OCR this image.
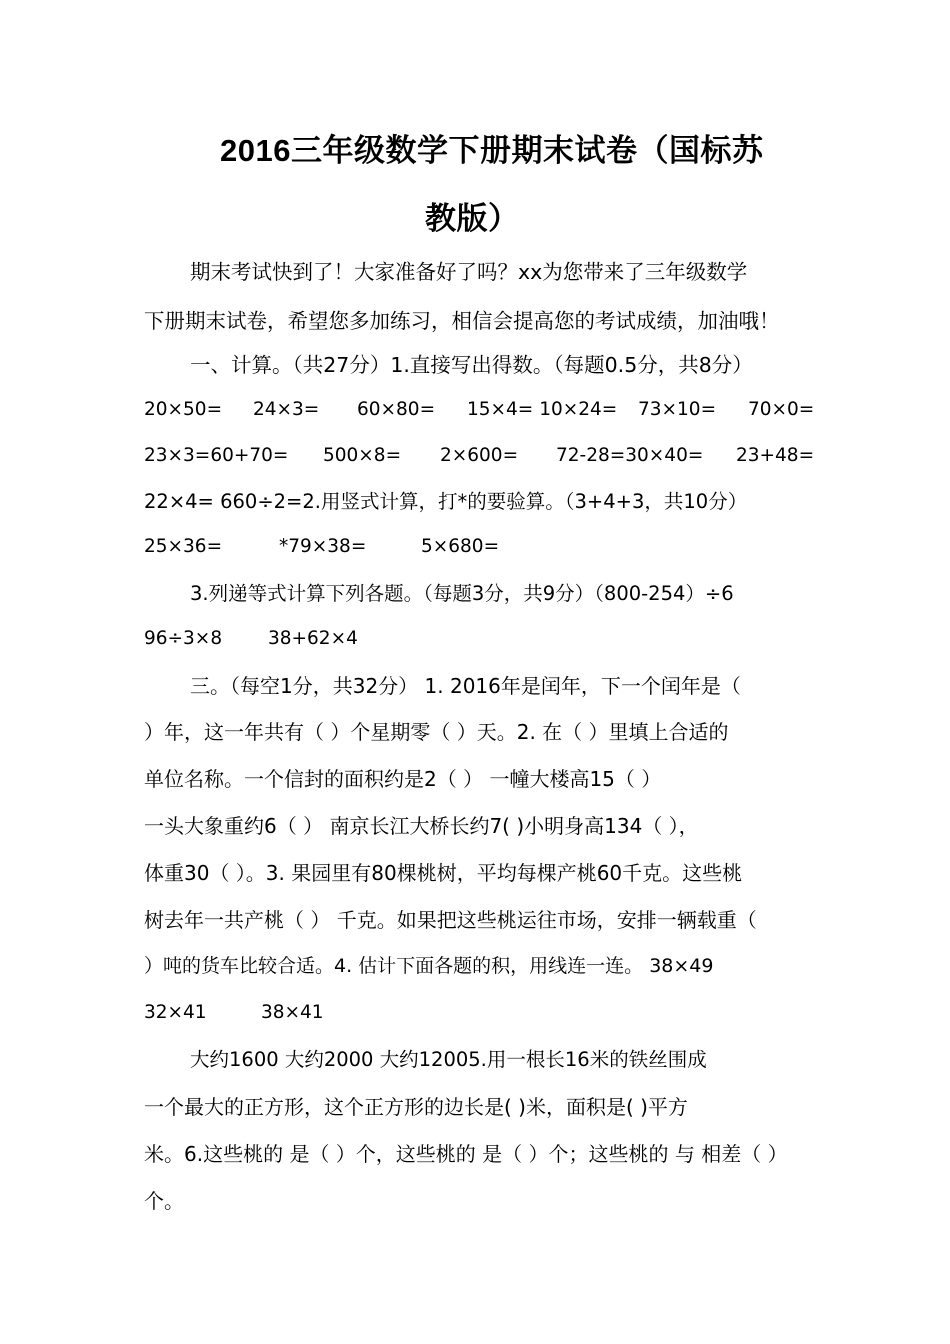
2016三年级数学下册期末试卷（国标苏
教版）
期末考试快到了！大家准备好了吗？xx为您带来了三年级数学
下册期末试卷，希望您多加练习，相信会提高您的考试成绩，加油哦！
一、计算。（共27分）1.直接写出得数。（每题0.5分，共8分）
20×50= 24×3= 60×80= 15×4= 10×24= 73×10= 70×0=
23×3=60+70= 500×8= 2×600= 72-28=30×40= 23+48=
22×4= 660÷2=2.用竖式计算，打*的要验算。（3+4+3，共10分）
25×36=	*79×38=	5×680=
3.列递等式计算下列各题。（每题3分，共9分）（800-254）÷6
96÷3×8 38+62×4
三。（每空1分，共32分） 1. 2016年是闰年，下一个闰年是（
）年，这一年共有（ ）个星期零（ ）天。2. 在（ ）里填上合适的
单位名称。一个信封的面积约是2（ ） 一幢大楼高15（ ）
一头大象重约6（ ） 南京长江大桥长约7( )小明身高134（ ），
体重30（ ）。3. 果园里有80棵桃树，平均每棵产桃60千克。这些桃
树去年一共产桃（ ） 千克。如果把这些桃运往市场，安排一辆载重（
）吨的货车比较合适。4. 估计下面各题的积，用线连一连。 38×49
32×41	38×41
大约1600 大约2000 大约12005.用一根长16米的铁丝围成
一个最大的正方形，这个正方形的边长是( )米，面积是( )平方
米。6.这些桃的 是（ ）个，这些桃的 是（ ）个；这些桃的 与 相差（ ）
个。
